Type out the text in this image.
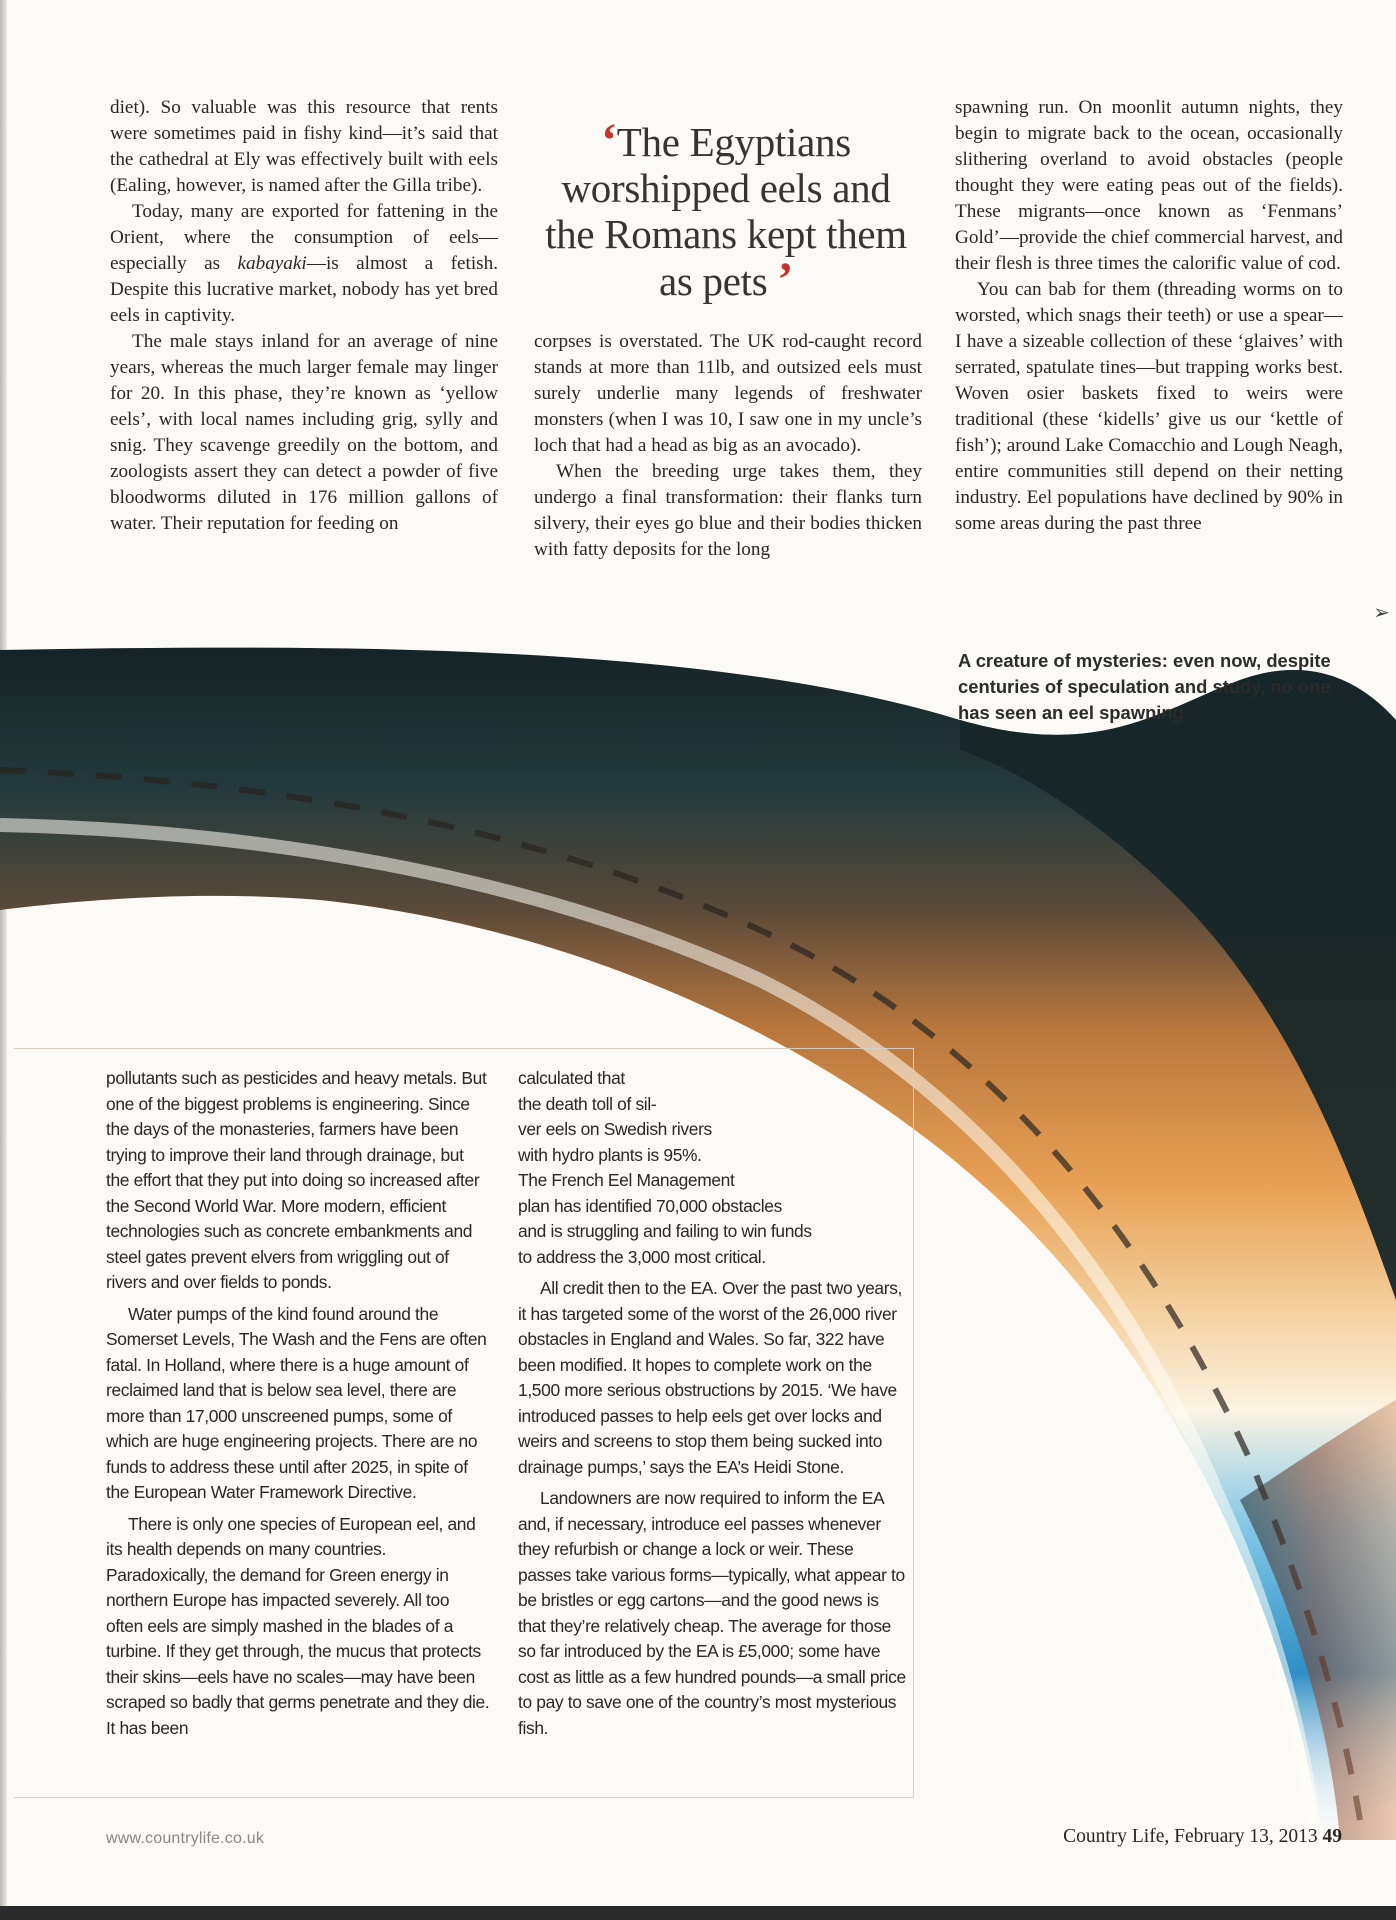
diet). So valuable was this resource that rents were sometimes paid in fishy kind—it’s said that the cathedral at Ely was effectively built with eels (Ealing, however, is named after the Gilla tribe).

Today, many are exported for fattening in the Orient, where the consumption of eels—especially as kabayaki—is almost a fetish. Despite this lucrative market, nobody has yet bred eels in captivity.

The male stays inland for an average of nine years, whereas the much larger female may linger for 20. In this phase, they’re known as ‘yellow eels’, with local names including grig, sylly and snig. They scavenge greedily on the bottom, and zoologists assert they can detect a powder of five bloodworms diluted in 176 million gallons of water. Their reputation for feeding on

‘The Egyptians worshipped eels and the Romans kept them as pets ’

corpses is overstated. The UK rod-caught record stands at more than 11lb, and outsized eels must surely underlie many legends of freshwater monsters (when I was 10, I saw one in my uncle’s loch that had a head as big as an avocado).

When the breeding urge takes them, they undergo a final transformation: their flanks turn silvery, their eyes go blue and their bodies thicken with fatty deposits for the long

spawning run. On moonlit autumn nights, they begin to migrate back to the ocean, occasionally slithering overland to avoid obstacles (people thought they were eating peas out of the fields). These migrants—once known as ‘Fenmans’ Gold’—provide the chief commercial harvest, and their flesh is three times the calorific value of cod.

You can bab for them (threading worms on to worsted, which snags their teeth) or use a spear—I have a sizeable collection of these ‘glaives’ with serrated, spatulate tines—but trapping works best. Woven osier baskets fixed to weirs were traditional (these ‘kidells’ give us our ‘kettle of fish’); around Lake Comacchio and Lough Neagh, entire communities still depend on their netting industry. Eel populations have declined by 90% in some areas during the past three

➢
A creature of mysteries: even now, despite centuries of speculation and study, no one has seen an eel spawning

pollutants such as pesticides and heavy metals. But one of the biggest problems is engineering. Since the days of the monasteries, farmers have been trying to improve their land through drainage, but the effort that they put into doing so increased after the Second World War. More modern, efficient technologies such as concrete embankments and steel gates prevent elvers from wriggling out of rivers and over fields to ponds.

Water pumps of the kind found around the Somerset Levels, The Wash and the Fens are often fatal. In Holland, where there is a huge amount of reclaimed land that is below sea level, there are more than 17,000 unscreened pumps, some of which are huge engineering projects. There are no funds to address these until after 2025, in spite of the European Water Framework Directive.

There is only one species of European eel, and its health depends on many countries. Paradoxically, the demand for Green energy in northern Europe has impacted severely. All too often eels are simply mashed in the blades of a turbine. If they get through, the mucus that protects their skins—eels have no scales—may have been scraped so badly that germs penetrate and they die. It has been

calculated that
the death toll of sil-
ver eels on Swedish rivers
with hydro plants is 95%.
The French Eel Management
plan has identified 70,000 obstacles
and is struggling and failing to win funds
to address the 3,000 most critical.

All credit then to the EA. Over the past two years, it has targeted some of the worst of the 26,000 river obstacles in England and Wales. So far, 322 have been modified. It hopes to complete work on the 1,500 more serious obstructions by 2015. ‘We have introduced passes to help eels get over locks and weirs and screens to stop them being sucked into drainage pumps,’ says the EA’s Heidi Stone.

Landowners are now required to inform the EA and, if necessary, introduce eel passes whenever they refurbish or change a lock or weir. These passes take various forms—typically, what appear to be bristles or egg cartons—and the good news is that they’re relatively cheap. The average for those so far introduced by the EA is £5,000; some have cost as little as a few hundred pounds—a small price to pay to save one of the country’s most mysterious fish.

www.countrylife.co.uk	Country Life, February 13, 2013 49
